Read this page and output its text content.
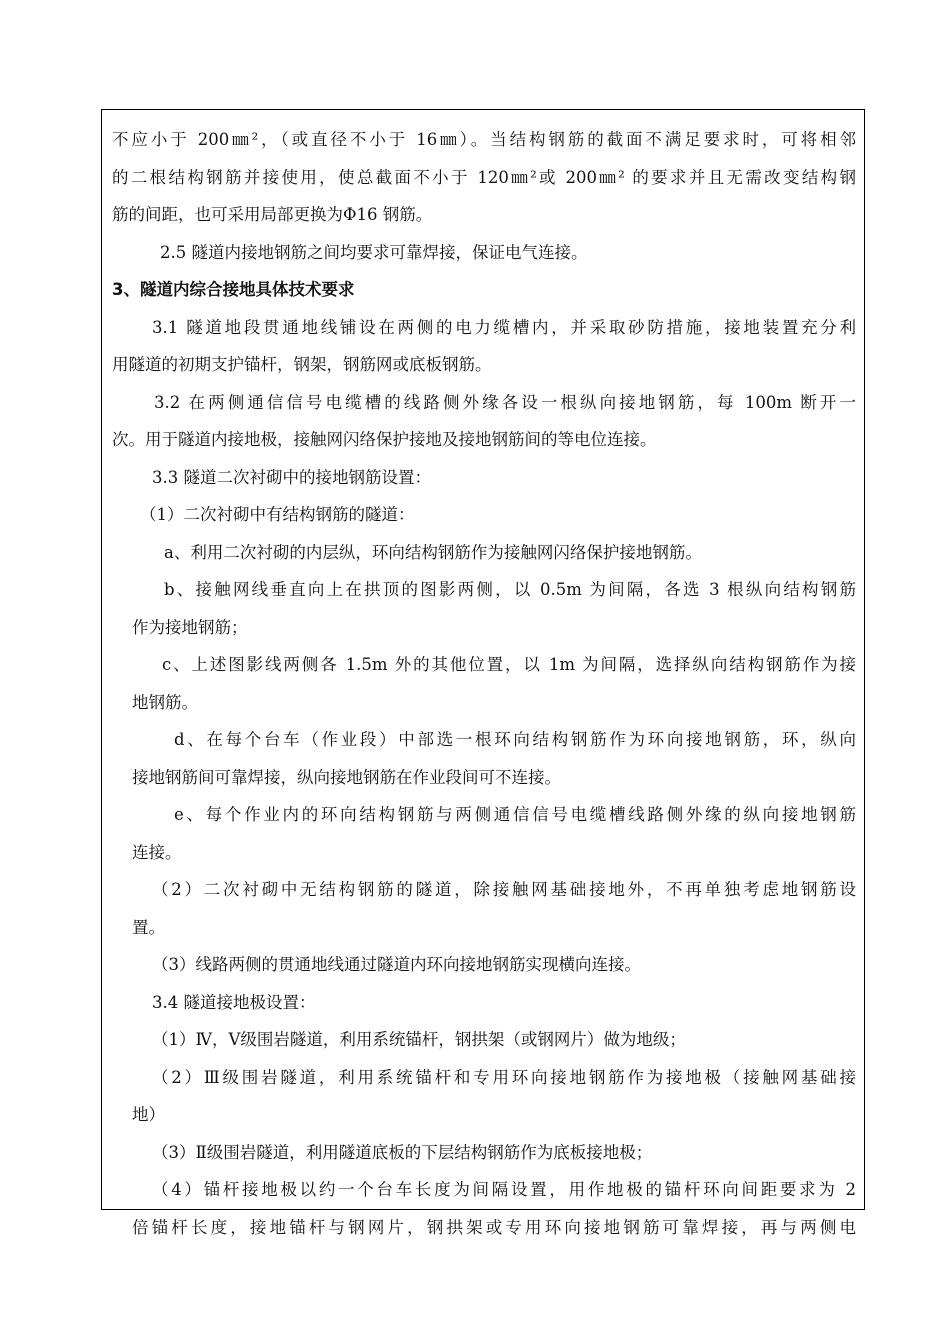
不应小于 200㎜²，（或直径不小于 16㎜）。当结构钢筋的截面不满足要求时，可将相邻
的二根结构钢筋并接使用，使总截面不小于 120㎜²或 200㎜² 的要求并且无需改变结构钢
筋的间距，也可采用局部更换为Φ16 钢筋。
2.5 隧道内接地钢筋之间均要求可靠焊接，保证电气连接。
3、隧道内综合接地具体技术要求
3.1 隧道地段贯通地线铺设在两侧的电力缆槽内，并采取砂防措施，接地装置充分利
用隧道的初期支护锚杆，钢架，钢筋网或底板钢筋。
3.2 在两侧通信信号电缆槽的线路侧外缘各设一根纵向接地钢筋，每 100m 断开一
次。用于隧道内接地极，接触网闪络保护接地及接地钢筋间的等电位连接。
3.3 隧道二次衬砌中的接地钢筋设置：
（1）二次衬砌中有结构钢筋的隧道：
a、利用二次衬砌的内层纵，环向结构钢筋作为接触网闪络保护接地钢筋。
b、接触网线垂直向上在拱顶的图影两侧，以 0.5m 为间隔，各选 3 根纵向结构钢筋
作为接地钢筋；
c、上述图影线两侧各 1.5m 外的其他位置，以 1m 为间隔，选择纵向结构钢筋作为接
地钢筋。
d、在每个台车（作业段）中部选一根环向结构钢筋作为环向接地钢筋，环，纵向
接地钢筋间可靠焊接，纵向接地钢筋在作业段间可不连接。
e、每个作业内的环向结构钢筋与两侧通信信号电缆槽线路侧外缘的纵向接地钢筋
连接。
（2）二次衬砌中无结构钢筋的隧道，除接触网基础接地外，不再单独考虑地钢筋设
置。
（3）线路两侧的贯通地线通过隧道内环向接地钢筋实现横向连接。
3.4 隧道接地极设置：
（1）Ⅳ，Ⅴ级围岩隧道，利用系统锚杆，钢拱架（或钢网片）做为地级；
（2）Ⅲ级围岩隧道，利用系统锚杆和专用环向接地钢筋作为接地极（接触网基础接
地）
（3）Ⅱ级围岩隧道，利用隧道底板的下层结构钢筋作为底板接地极；
（4）锚杆接地极以约一个台车长度为间隔设置，用作地极的锚杆环向间距要求为 2
倍锚杆长度，接地锚杆与钢网片，钢拱架或专用环向接地钢筋可靠焊接，再与两侧电
